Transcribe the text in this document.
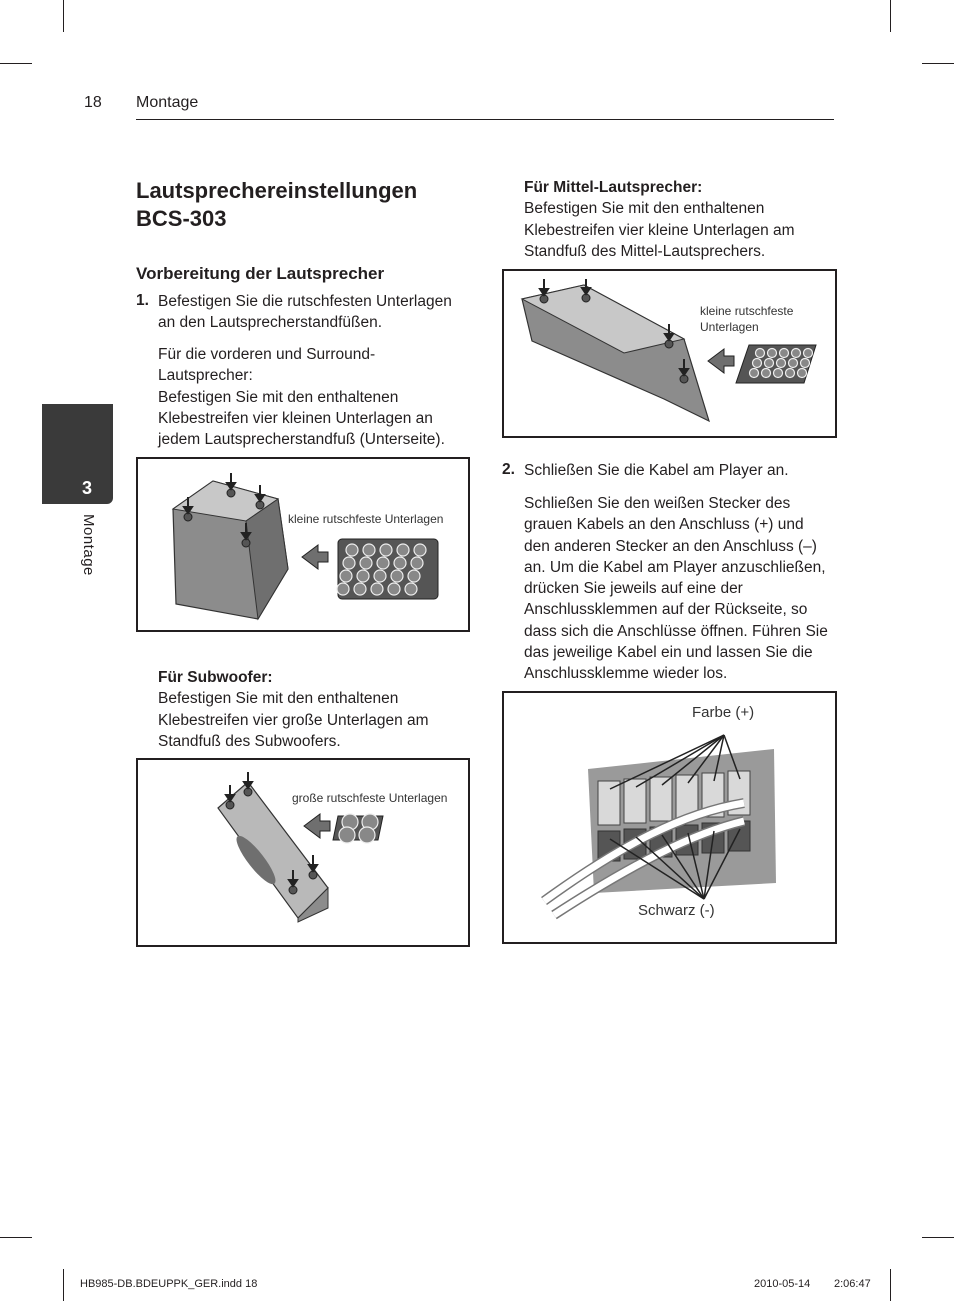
18 Montage
3
Montage
Lautsprechereinstellungen
BCS-303
Vorbereitung der Lautsprecher
1. Befestigen Sie die rutschfesten Unterlagen
an den Lautsprecherstandfüßen.
Für die vorderen und Surround-
Lautsprecher:
Befestigen Sie mit den enthaltenen
Klebestreifen vier kleinen Unterlagen an
jedem Lautsprecherstandfuß (Unterseite).
kleine rutschfeste Unterlagen
Für Subwoofer:
Befestigen Sie mit den enthaltenen
Klebestreifen vier große Unterlagen am
Standfuß des Subwoofers.
große rutschfeste Unterlagen
Für Mittel-Lautsprecher:
Befestigen Sie mit den enthaltenen
Klebestreifen vier kleine Unterlagen am
Standfuß des Mittel-Lautsprechers.
kleine rutschfeste
Unterlagen
2. Schließen Sie die Kabel am Player an.
Schließen Sie den weißen Stecker des
grauen Kabels an den Anschluss (+) und
den anderen Stecker an den Anschluss (–)
an. Um die Kabel am Player anzuschließen,
drücken Sie jeweils auf eine der
Anschlussklemmen auf der Rückseite, so
dass sich die Anschlüsse öffnen. Führen Sie
das jeweilige Kabel ein und lassen Sie die
Anschlussklemme wieder los.
Farbe (+)
Schwarz (-)
HB985-DB.BDEUPPK_GER.indd 18	2010-05-14 2:06:47
